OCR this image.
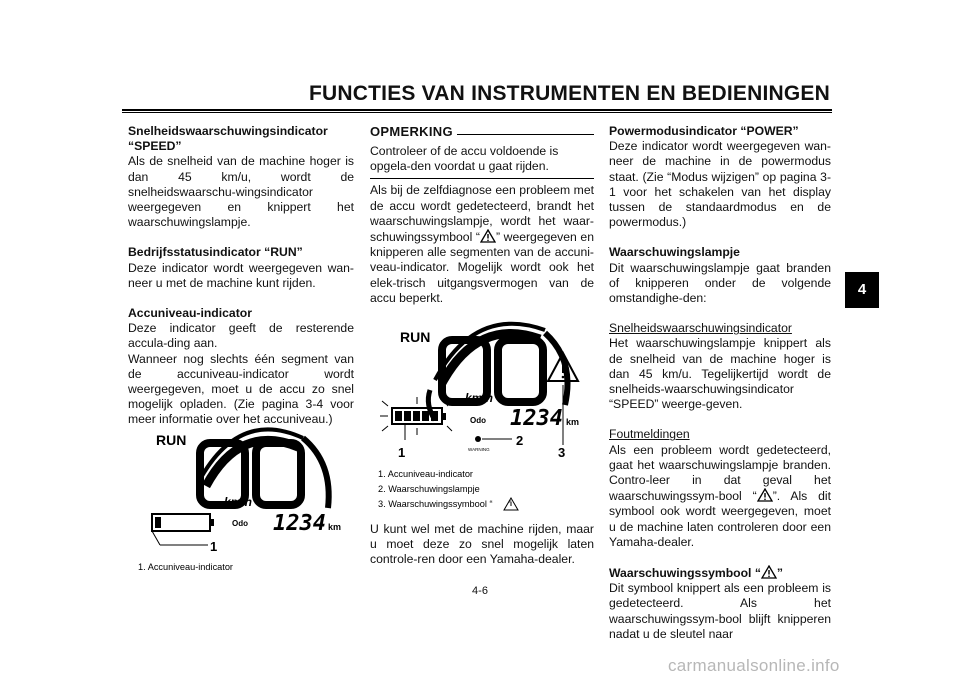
FUNCTIES VAN INSTRUMENTEN EN BEDIENINGEN
4

Snelheidswaarschuwingsindicator “SPEED”

Als de snelheid van de machine hoger is dan 45 km/u, wordt de snelheidswaarschu-wingsindicator weergegeven en knippert het waarschuwingslampje.

Bedrijfsstatusindicator “RUN”

Deze indicator wordt weergegeven wan-neer u met de machine kunt rijden.

Accuniveau-indicator

Deze indicator geeft de resterende accula-ding aan.

Wanneer nog slechts één segment van de accuniveau-indicator wordt weergegeven, moet u de accu zo snel mogelijk opladen. (Zie pagina 3-4 voor meer informatie over het accuniveau.)

RUN
km/h
Odo 1234 km
1
1. Accuniveau-indicator
OPMERKING

Controleer of de accu voldoende is opgela-den voordat u gaat rijden.

Als bij de zelfdiagnose een probleem met de accu wordt gedetecteerd, brandt het waarschuwingslampje, wordt het waar-schuwingssymbool “ ” weergegeven en knipperen alle segmenten van de accuni-veau-indicator. Mogelijk wordt ook het elek-trisch uitgangsvermogen van de accu beperkt.

RUN
km/h
Odo 1234 km
WARNING
1
2
3
1. Accuniveau-indicator
2. Waarschuwingslampje
3. Waarschuwingssymbool “ ”

U kunt wel met de machine rijden, maar u moet deze zo snel mogelijk laten controle-ren door een Yamaha-dealer.

Powermodusindicator “POWER”

Deze indicator wordt weergegeven wan-neer de machine in de powermodus staat. (Zie “Modus wijzigen” op pagina 3-1 voor het schakelen van het display tussen de standaardmodus en de powermodus.)

Waarschuwingslampje

Dit waarschuwingslampje gaat branden of knipperen onder de volgende omstandighe-den:

Snelheidswaarschuwingsindicator

Het waarschuwingslampje knippert als de snelheid van de machine hoger is dan 45 km/u. Tegelijkertijd wordt de snelheids-waarschuwingsindicator “SPEED” weerge-geven.

Foutmeldingen

Als een probleem wordt gedetecteerd, gaat het waarschuwingslampje branden. Contro-leer in dat geval het waarschuwingssym-bool “ ”. Als dit symbool ook wordt weergegeven, moet u de machine laten controleren door een Yamaha-dealer.

Waarschuwingssymbool “ ”

Dit symbool knippert als een probleem is gedetecteerd. Als het waarschuwingssym-bool blijft knipperen nadat u de sleutel naar

4-6
carmanualsonline.info
